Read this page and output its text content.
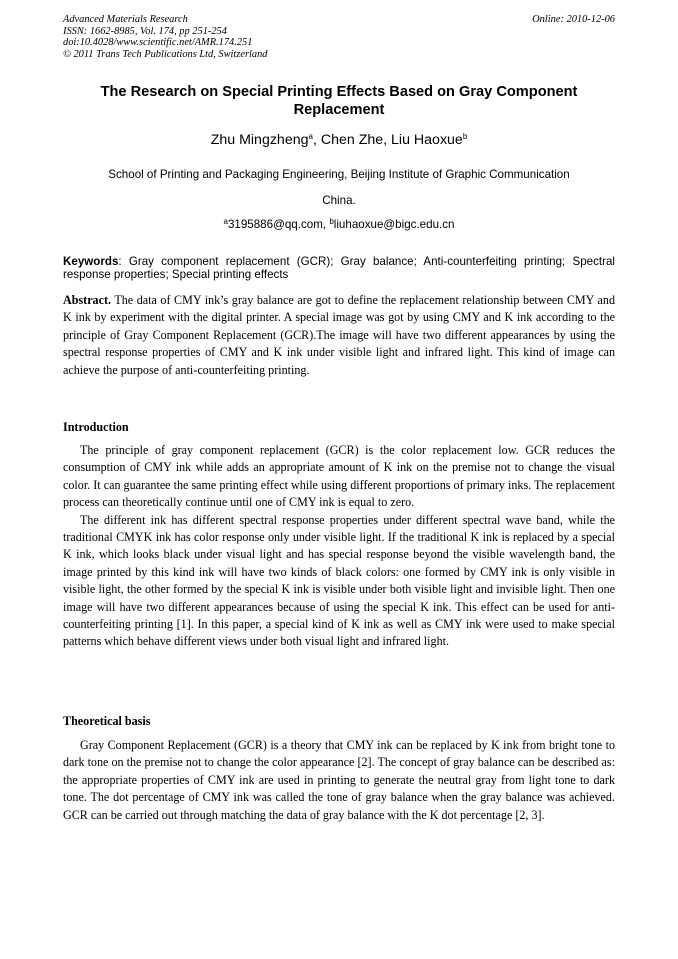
Advanced Materials Research
ISSN: 1662-8985, Vol. 174, pp 251-254
doi:10.4028/www.scientific.net/AMR.174.251
© 2011 Trans Tech Publications Ltd, Switzerland
Online: 2010-12-06
The Research on Special Printing Effects Based on Gray Component Replacement
Zhu Mingzheng$^a$, Chen Zhe, Liu Haoxue$^b$
School of Printing and Packaging Engineering, Beijing Institute of Graphic Communication
China.
$^a$3195886@qq.com, $^b$liuhaoxue@bigc.edu.cn
Keywords: Gray component replacement (GCR); Gray balance; Anti-counterfeiting printing; Spectral response properties; Special printing effects
Abstract. The data of CMY ink’s gray balance are got to define the replacement relationship between CMY and K ink by experiment with the digital printer. A special image was got by using CMY and K ink according to the principle of Gray Component Replacement (GCR).The image will have two different appearances by using the spectral response properties of CMY and K ink under visible light and infrared light. This kind of image can achieve the purpose of anti-counterfeiting printing.
Introduction

The principle of gray component replacement (GCR) is the color replacement low. GCR reduces the consumption of CMY ink while adds an appropriate amount of K ink on the premise not to change the visual color. It can guarantee the same printing effect while using different proportions of primary inks. The replacement process can theoretically continue until one of CMY ink is equal to zero.

The different ink has different spectral response properties under different spectral wave band, while the traditional CMYK ink has color response only under visible light. If the traditional K ink is replaced by a special K ink, which looks black under visual light and has special response beyond the visible wavelength band, the image printed by this kind ink will have two kinds of black colors: one formed by CMY ink is only visible in visible light, the other formed by the special K ink is visible under both visible light and invisible light. Then one image will have two different appearances because of using the special K ink. This effect can be used for anti-counterfeiting printing [1]. In this paper, a special kind of K ink as well as CMY ink were used to make special patterns which behave different views under both visual light and infrared light.

Theoretical basis

Gray Component Replacement (GCR) is a theory that CMY ink can be replaced by K ink from bright tone to dark tone on the premise not to change the color appearance [2]. The concept of gray balance can be described as: the appropriate properties of CMY ink are used in printing to generate the neutral gray from light tone to dark tone. The dot percentage of CMY ink was called the tone of gray balance when the gray balance was achieved. GCR can be carried out through matching the data of gray balance with the K dot percentage [2, 3].
